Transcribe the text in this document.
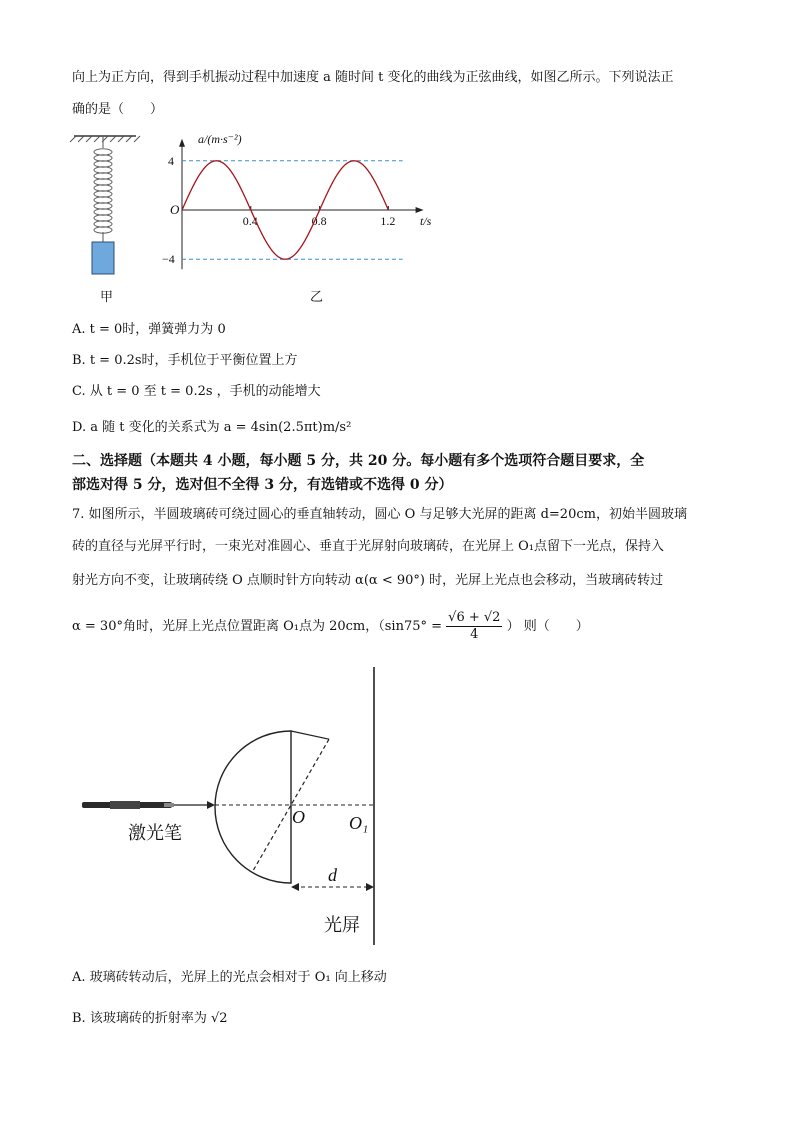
向上为正方向，得到手机振动过程中加速度 a 随时间 t 变化的曲线为正弦曲线，如图乙所示。下列说法正
确的是（　　）
甲
0.4	0.8	1.2
4
−4
a/(m·s⁻²)
t/s
O
乙
A. t = 0时，弹簧弹力为 0
B. t = 0.2s时，手机位于平衡位置上方
C. 从 t = 0 至 t = 0.2s ，手机的动能增大
D. a 随 t 变化的关系式为 a = 4sin(2.5πt)m/s²
二、选择题（本题共 4 小题，每小题 5 分，共 20 分。每小题有多个选项符合题目要求，全
部选对得 5 分，选对但不全得 3 分，有选错或不选得 0 分）
7. 如图所示，半圆玻璃砖可绕过圆心的垂直轴转动，圆心 O 与足够大光屏的距离 d=20cm，初始半圆玻璃
砖的直径与光屏平行时，一束光对准圆心、垂直于光屏射向玻璃砖，在光屏上 O₁点留下一光点，保持入
射光方向不变，让玻璃砖绕 O 点顺时针方向转动 α(α < 90°) 时，光屏上光点也会移动，当玻璃砖转过
α = 30°角时，光屏上光点位置距离 O₁点为 20cm，（$\sin 75^\circ = \frac{√6 + √2}{4}$ ） 则（　　）
O O₁
d
激光笔
光屏
A. 玻璃砖转动后，光屏上的光点会相对于 O₁ 向上移动
B. 该玻璃砖的折射率为 √2
